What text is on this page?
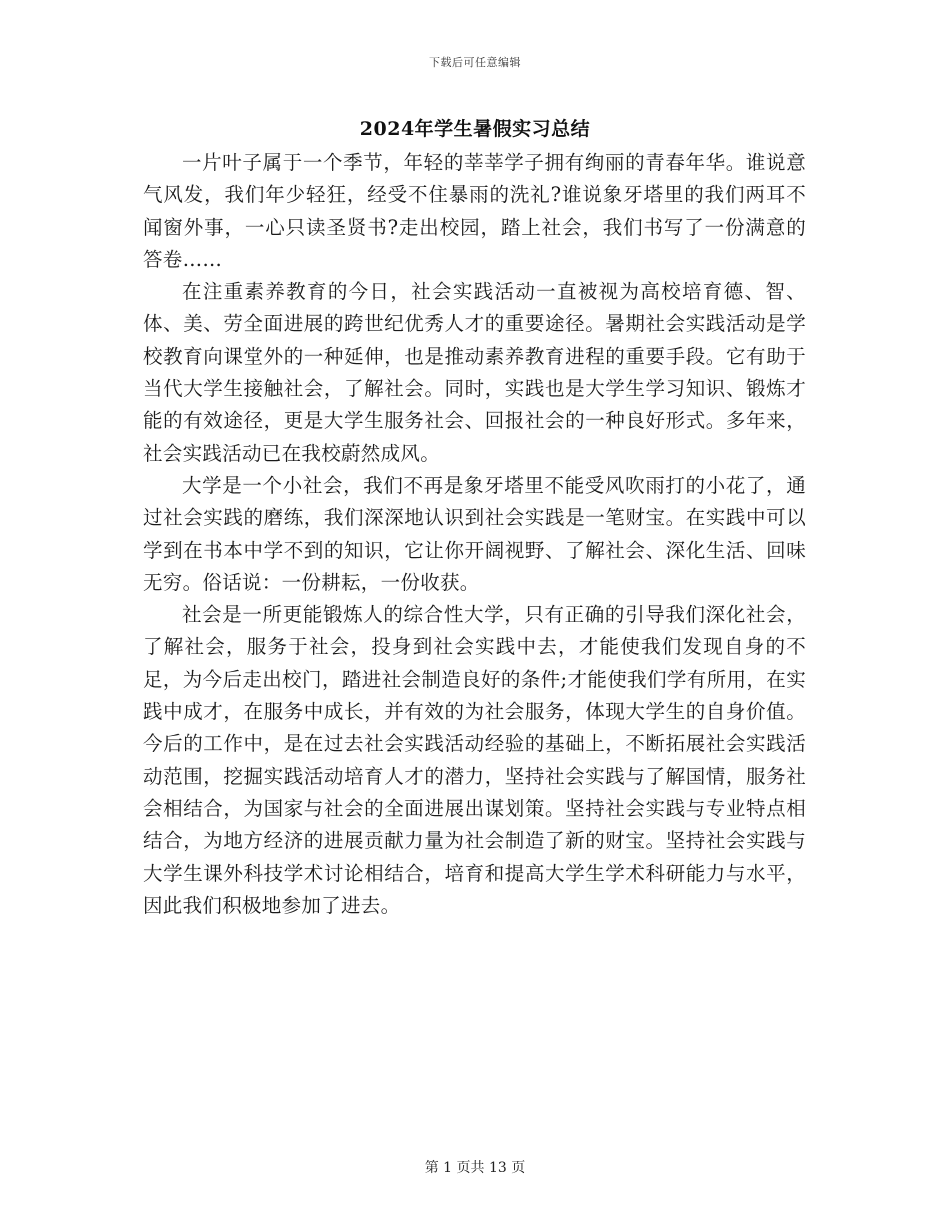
下载后可任意编辑
2024年学生暑假实习总结

一片叶子属于一个季节，年轻的莘莘学子拥有绚丽的青春年华。谁说意气风发，我们年少轻狂，经受不住暴雨的洗礼?谁说象牙塔里的我们两耳不闻窗外事，一心只读圣贤书?走出校园，踏上社会，我们书写了一份满意的答卷……

在注重素养教育的今日，社会实践活动一直被视为高校培育德、智、体、美、劳全面进展的跨世纪优秀人才的重要途径。暑期社会实践活动是学校教育向课堂外的一种延伸，也是推动素养教育进程的重要手段。它有助于当代大学生接触社会，了解社会。同时，实践也是大学生学习知识、锻炼才能的有效途径，更是大学生服务社会、回报社会的一种良好形式。多年来，社会实践活动已在我校蔚然成风。

大学是一个小社会，我们不再是象牙塔里不能受风吹雨打的小花了，通过社会实践的磨练，我们深深地认识到社会实践是一笔财宝。在实践中可以学到在书本中学不到的知识，它让你开阔视野、了解社会、深化生活、回味无穷。俗话说：一份耕耘，一份收获。

社会是一所更能锻炼人的综合性大学，只有正确的引导我们深化社会，了解社会，服务于社会，投身到社会实践中去，才能使我们发现自身的不足，为今后走出校门，踏进社会制造良好的条件;才能使我们学有所用，在实践中成才，在服务中成长，并有效的为社会服务，体现大学生的自身价值。今后的工作中，是在过去社会实践活动经验的基础上，不断拓展社会实践活动范围，挖掘实践活动培育人才的潜力，坚持社会实践与了解国情，服务社会相结合，为国家与社会的全面进展出谋划策。坚持社会实践与专业特点相结合，为地方经济的进展贡献力量为社会制造了新的财宝。坚持社会实践与大学生课外科技学术讨论相结合，培育和提高大学生学术科研能力与水平，因此我们积极地参加了进去。

第 1 页共 13 页
